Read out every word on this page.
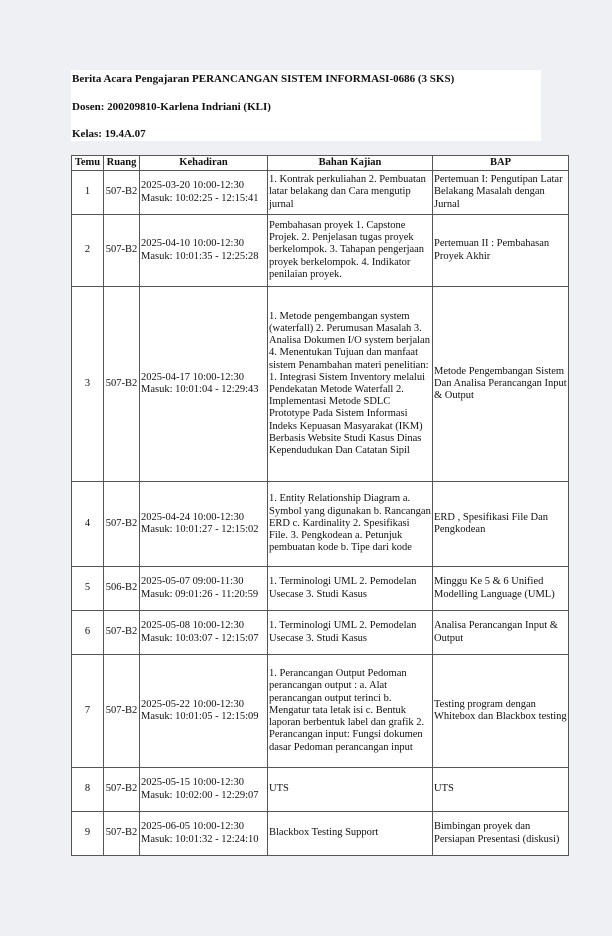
Berita Acara Pengajaran PERANCANGAN SISTEM INFORMASI-0686 (3 SKS)
Dosen: 200209810-Karlena Indriani (KLI)
Kelas: 19.4A.07
Temu	Ruang	Kehadiran	Bahan Kajian	BAP
1	507-B2	2025-03-20 10:00-12:30 Masuk: 10:02:25 - 12:15:41	1. Kontrak perkuliahan 2. Pembuatan latar belakang dan Cara mengutip jurnal	Pertemuan I: Pengutipan Latar Belakang Masalah dengan Jurnal
2	507-B2	2025-04-10 10:00-12:30 Masuk: 10:01:35 - 12:25:28	Pembahasan proyek 1. Capstone Projek. 2. Penjelasan tugas proyek berkelompok. 3. Tahapan pengerjaan proyek berkelompok. 4. Indikator penilaian proyek.	Pertemuan II : Pembahasan Proyek Akhir
3	507-B2	2025-04-17 10:00-12:30 Masuk: 10:01:04 - 12:29:43	1. Metode pengembangan system (waterfall) 2. Perumusan Masalah 3. Analisa Dokumen I/O system berjalan 4. Menentukan Tujuan dan manfaat sistem Penambahan materi penelitian: 1. Integrasi Sistem Inventory melalui Pendekatan Metode Waterfall 2. Implementasi Metode SDLC Prototype Pada Sistem Informasi Indeks Kepuasan Masyarakat (IKM) Berbasis Website Studi Kasus Dinas Kependudukan Dan Catatan Sipil	Metode Pengembangan Sistem Dan Analisa Perancangan Input & Output
4	507-B2	2025-04-24 10:00-12:30 Masuk: 10:01:27 - 12:15:02	1. Entity Relationship Diagram a. Symbol yang digunakan b. Rancangan ERD c. Kardinality 2. Spesifikasi File. 3. Pengkodean a. Petunjuk pembuatan kode b. Tipe dari kode	ERD , Spesifikasi File Dan Pengkodean
5	506-B2	2025-05-07 09:00-11:30 Masuk: 09:01:26 - 11:20:59	1. Terminologi UML 2. Pemodelan Usecase 3. Studi Kasus	Minggu Ke 5 & 6 Unified Modelling Language (UML)
6	507-B2	2025-05-08 10:00-12:30 Masuk: 10:03:07 - 12:15:07	1. Terminologi UML 2. Pemodelan Usecase 3. Studi Kasus	Analisa Perancangan Input & Output
7	507-B2	2025-05-22 10:00-12:30 Masuk: 10:01:05 - 12:15:09	1. Perancangan Output Pedoman perancangan output : a. Alat perancangan output terinci b. Mengatur tata letak isi c. Bentuk laporan berbentuk label dan grafik 2. Perancangan input: Fungsi dokumen dasar Pedoman perancangan input	Testing program dengan Whitebox dan Blackbox testing
8	507-B2	2025-05-15 10:00-12:30 Masuk: 10:02:00 - 12:29:07	UTS	UTS
9	507-B2	2025-06-05 10:00-12:30 Masuk: 10:01:32 - 12:24:10	Blackbox Testing Support	Bimbingan proyek dan Persiapan Presentasi (diskusi)
